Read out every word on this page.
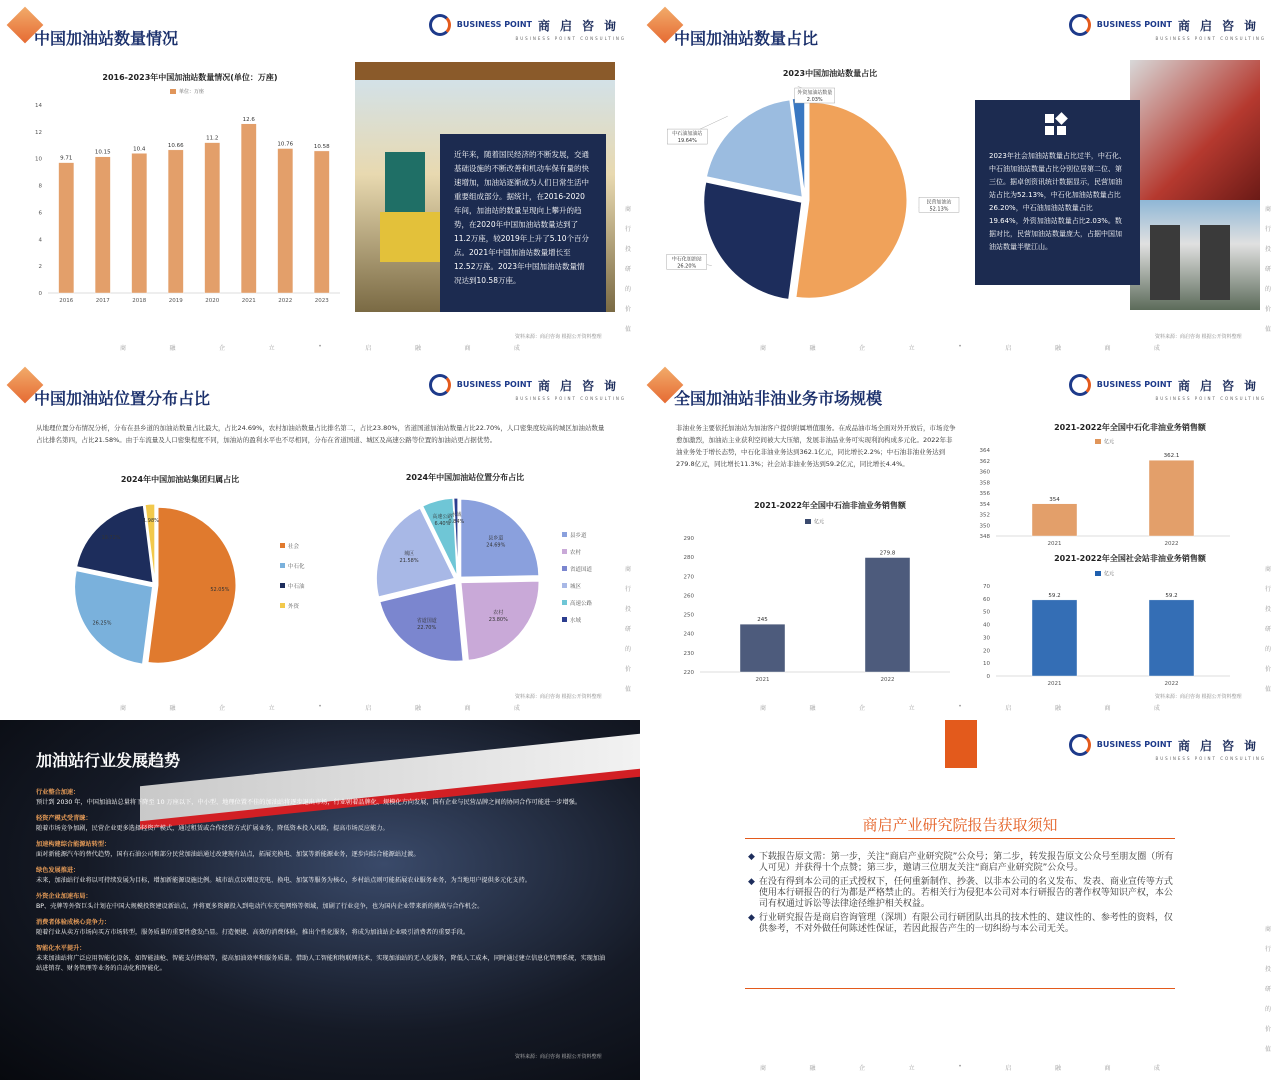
中国加油站数量情况
BUSINESS POINT 商启咨询
BUSINESS POINT CONSULTING
2016-2023年中国加油站数量情况(单位：万座)
单位：万座
0
2
4
6
8
10
12
14
9.71
2016
10.15
2017
10.4
2018
10.66
2019
11.2
2020
12.6
2021
10.76
2022
10.58
2023
近年来，随着国民经济的不断发展，交通基础设施的不断改善和机动车保有量的快速增加，加油站逐渐成为人们日常生活中重要组成部分。据统计，在2016-2020年间，加油站的数量呈现向上攀升的趋势，在2020年中国加油站数量达到了11.2万座，较2019年上升了5.10个百分点。2021年中国加油站数量增长至12.52万座。2023年中国加油站数量情况达到10.58万座。
资料来源：商启咨询 根据公开资料整理
商
行
投
研
的
价
值
商	融	企	立	•	启	融	商	成
中国加油站数量占比
BUSINESS POINT 商启咨询
BUSINESS POINT CONSULTING
2023中国加油站数量占比
民营加油站
52.13%
中石化加油站
26.20%
中石油加油站
19.64%
外资加油站数量
2.03%
2023年社会加油站数量占比过半，中石化、中石油加油站数量占比分别位居第二位、第三位。据卓创资讯统计数据显示，民营加油站占比为52.13%，中石化加油站数量占比26.20%，中石油加油站数量占比19.64%，外资加油站数量占比2.03%。数据对比，民营加油站数量庞大，占据中国加油站数量半壁江山。
资料来源：商启咨询 根据公开资料整理
商
行
投
研
的
价
值
商	融	企	立	•	启	融	商	成
中国加油站位置分布占比
BUSINESS POINT 商启咨询
BUSINESS POINT CONSULTING
从地理位置分布情况分析，分布在县乡道的加油站数量占比最大，占比24.69%，农村加油站数量占比排名第二，占比23.80%，省道国道加油站数量占比22.70%，人口密集度较高的城区加油站数量占比排名第四，占比21.58%。由于车流量及人口密集程度不同，加油站的盈利水平也不尽相同，分布在省道国道、城区及高速公路等位置的加油站更占据优势。
2024年中国加油站集团归属占比	2024年中国加油站位置分布占比
52.05%
26.25%
19.72%
1.98%
社会
中石化
中石油
外资
县乡道
24.69%
农村
23.80%
省道国道
22.70%
城区
21.58%
高速公路
6.40%
水域
0.84%
县乡道
农村
省道国道
城区
高速公路
水域
资料来源：商启咨询 根据公开资料整理
商
行
投
研
的
价
值
商	融	企	立	•	启	融	商	成
全国加油站非油业务市场规模
BUSINESS POINT 商启咨询
BUSINESS POINT CONSULTING
非油业务主要依托加油站为加油客户提供附属增值服务。在成品油市场全面对外开放后，市场竞争愈加激烈，加油站主业获利空间被大大压缩，发展非油品业务可实现利润构成多元化。2022年非油业务处于增长态势，中石化非油业务达到362.1亿元，同比增长2.2%；中石油非油业务达到279.8亿元，同比增长11.3%；社会站非油业务达到59.2亿元，同比增长4.4%。
2021-2022年全国中石油非油业务销售额
亿元
220
230
240
250
260
270
280
290
245
2021
279.8
2022
2021-2022年全国中石化非油业务销售额
亿元
348
350
352
354
356
358
360
362
364
354
2021
362.1
2022
2021-2022年全国社会站非油业务销售额
亿元
0
10
20
30
40
50
60
70
59.2
2021
59.2
2022
资料来源：商启咨询 根据公开资料整理
商
行
投
研
的
价
值
商	融	企	立	•	启	融	商	成
加油站行业发展趋势
行业整合加速：
预计到 2030 年，中国加油站总量将下降至 10 万座以下，中小型、地理位置不佳的加油站将逐步退出市场，行业朝着品牌化、规模化方向发展，国有企业与民营品牌之间的协同合作可能进一步增强。
轻资产模式受青睐：
随着市场竞争加剧，民营企业更多选择轻资产模式，通过租赁或合作经营方式扩展业务，降低资本投入风险，提高市场反应能力。
加速构建综合能源站转型：
面对新能源汽车的替代趋势，国有石油公司和部分民营加油站通过改建现有站点，拓展充换电、加氢等新能源业务，逐步向综合能源站过渡。
绿色发展推进：
未来，加油站行业将以可持续发展为目标，增加新能源设施比例。城市站点以增设充电、换电、加氢等服务为核心，乡村站点则可能拓展农业服务业务，为当地用户提供多元化支持。
外资企业加速布局：
BP、壳牌等外资巨头计划在中国大规模投资建设新站点，并将更多资源投入到电动汽车充电网络等领域，加剧了行业竞争，也为国内企业带来新的挑战与合作机会。
消费者体验成核心竞争力：
随着行业从卖方市场向买方市场转型，服务质量的重要性愈发凸显。打造便捷、高效的消费体验，推出个性化服务，将成为加油站企业吸引消费者的重要手段。
智能化水平提升：
未来加油站将广泛应用智能化设备，如智能油枪、智能支付终端等，提高加油效率和服务质量。借助人工智能和物联网技术，实现加油站的无人化服务，降低人工成本，同时通过建立信息化管理系统，实现加油站进销存、财务管理等业务的自动化和智能化。
资料来源：商启咨询 根据公开资料整理
BUSINESS POINT 商启咨询
BUSINESS POINT CONSULTING
商启产业研究院报告获取须知
◆ 下载报告原文需：第一步，关注“商启产业研究院”公众号；第二步，转发报告原文公众号至朋友圈（所有人可见）并获得十个点赞；第三步，邀请三位朋友关注“商启产业研究院”公众号。
◆ 在没有得到本公司的正式授权下，任何重新制作、抄袭、以非本公司的名义发布、发表、商业宣传等方式使用本行研报告的行为都是严格禁止的。若相关行为侵犯本公司对本行研报告的著作权等知识产权，本公司有权通过诉讼等法律途径维护相关权益。
◆ 行业研究报告是商启咨询管理（深圳）有限公司行研团队出具的技术性的、建议性的、参考性的资料，仅供参考，不对外做任何陈述性保证，若因此报告产生的一切纠纷与本公司无关。	商
行
投
研
的
价
值
商	融	企	立	•	启	融	商	成
